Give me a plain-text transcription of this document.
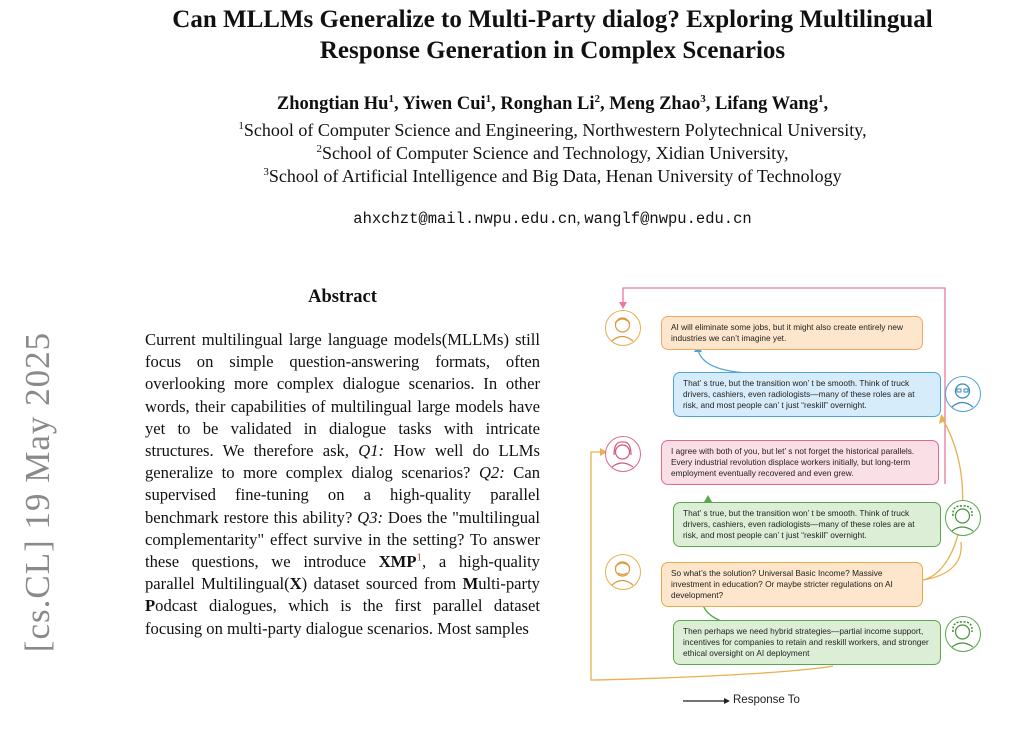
Can MLLMs Generalize to Multi-Party dialog? Exploring Multilingual
Response Generation in Complex Scenarios
Zhongtian Hu$^1$, Yiwen Cui$^1$, Ronghan Li$^2$, Meng Zhao$^3$, Lifang Wang$^1$,
$^1$School of Computer Science and Engineering, Northwestern Polytechnical University,
$^2$School of Computer Science and Technology, Xidian University,
$^3$School of Artificial Intelligence and Big Data, Henan University of Technology
ahxchzt@mail.nwpu.edu.cn, wanglf@nwpu.edu.cn
[cs.CL] 19 May 2025
Abstract
Current multilingual large language models(MLLMs) still focus on simple question-answering formats, often overlooking more complex dialogue scenarios. In other words, their capabilities of multilingual large models have yet to be validated in dialogue tasks with intricate structures. We therefore ask, Q1: How well do LLMs generalize to more complex dialog scenarios? Q2: Can supervised fine-tuning on a high-quality parallel benchmark restore this ability? Q3: Does the "multilingual complementarity" effect survive in the setting? To answer these questions, we introduce XMP$^1$, a high-quality parallel Multilingual(X) dataset sourced from Multi-party Podcast dialogues, which is the first parallel dataset focusing on multi-party dialogue scenarios. Most samples
AI will eliminate some jobs, but it might also create entirely new industries we can’t imagine yet.
That’ s true, but the transition won’ t be smooth. Think of truck drivers, cashiers, even radiologists—many of these roles are at risk, and most people can’ t just “reskill” overnight.
I agree with both of you, but let’ s not forget the historical parallels. Every industrial revolution displace workers initially, but long-term employment eventually recovered and even grew.
That’ s true, but the transition won’ t be smooth. Think of truck drivers, cashiers, even radiologists—many of these roles are at risk, and most people can’ t just “reskill” overnight.
So what’s the solution? Universal Basic Income? Massive investment in education? Or maybe stricter regulations on AI development?
Then perhaps we need hybrid strategies—partial income support, incentives for companies to retain and reskill workers, and stronger ethical oversight on AI deployment
Response To
